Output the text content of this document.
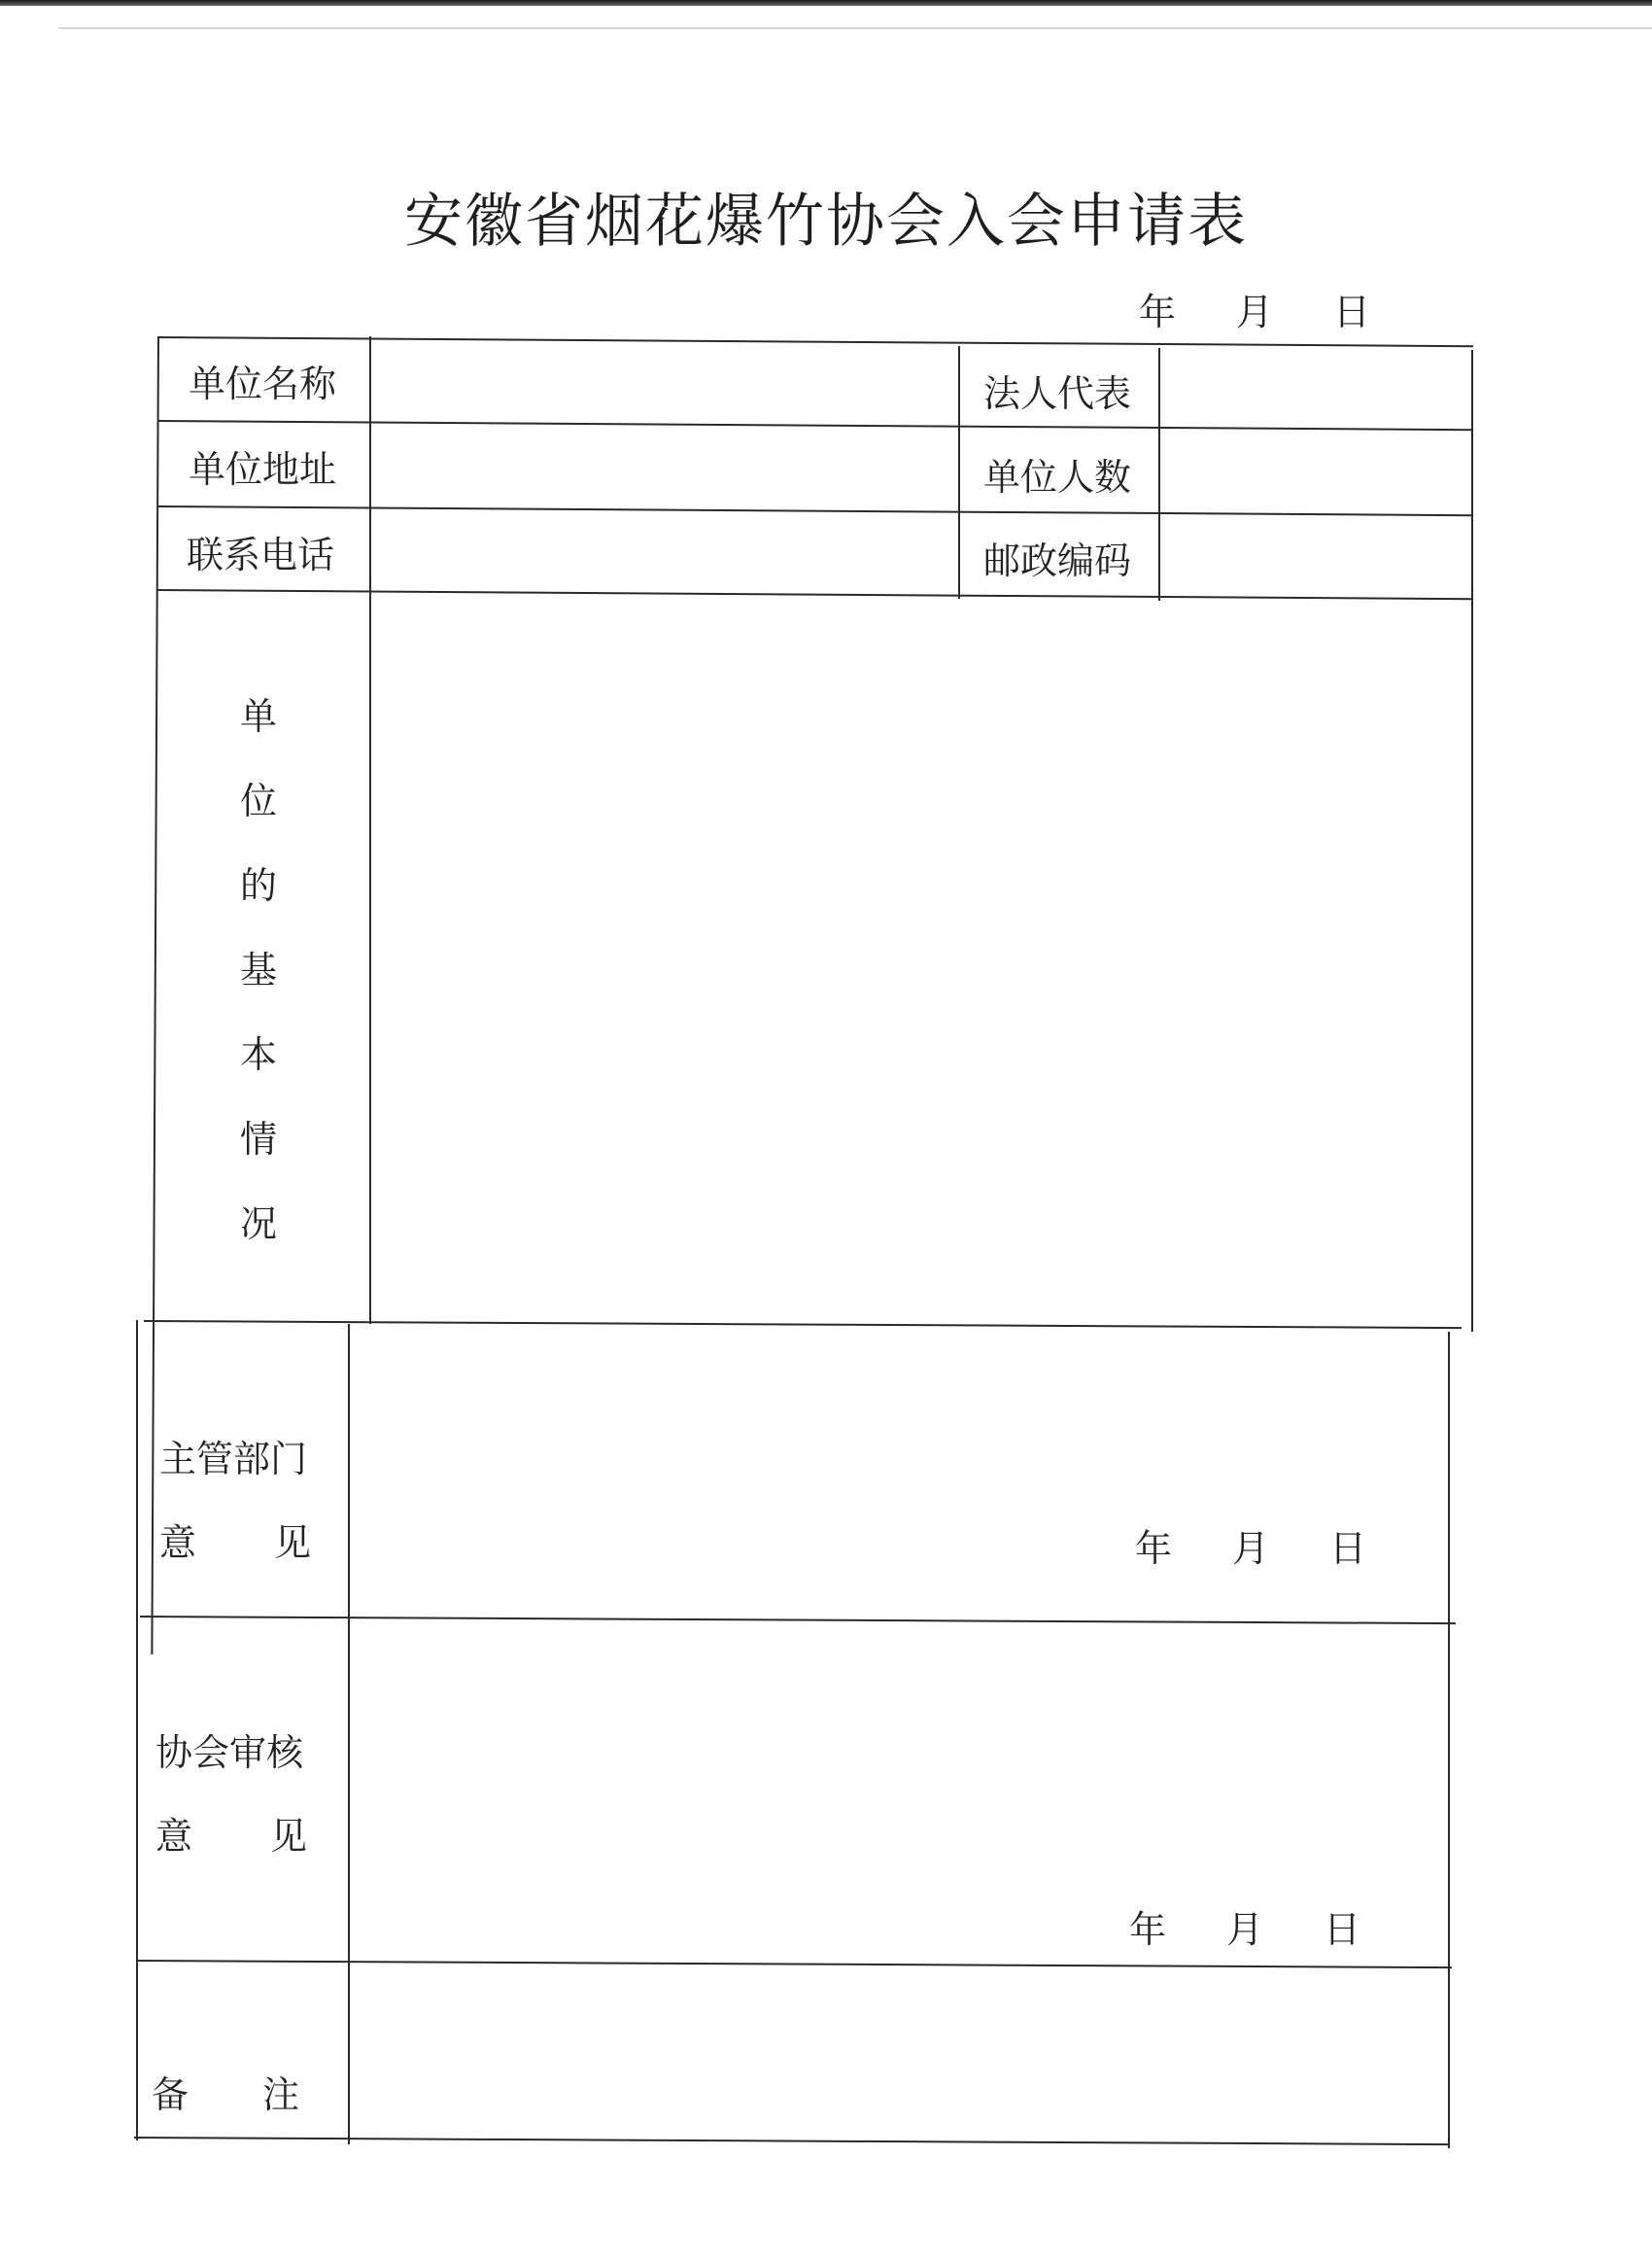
安徽省烟花爆竹协会入会申请表
年 月 日
单位名称	法人代表
单位地址	单位人数
联系电话	邮政编码
单
位
的
基
本
情
况
主管部门
意 见	年 月 日
协会审核
意 见
年 月 日
备 注
